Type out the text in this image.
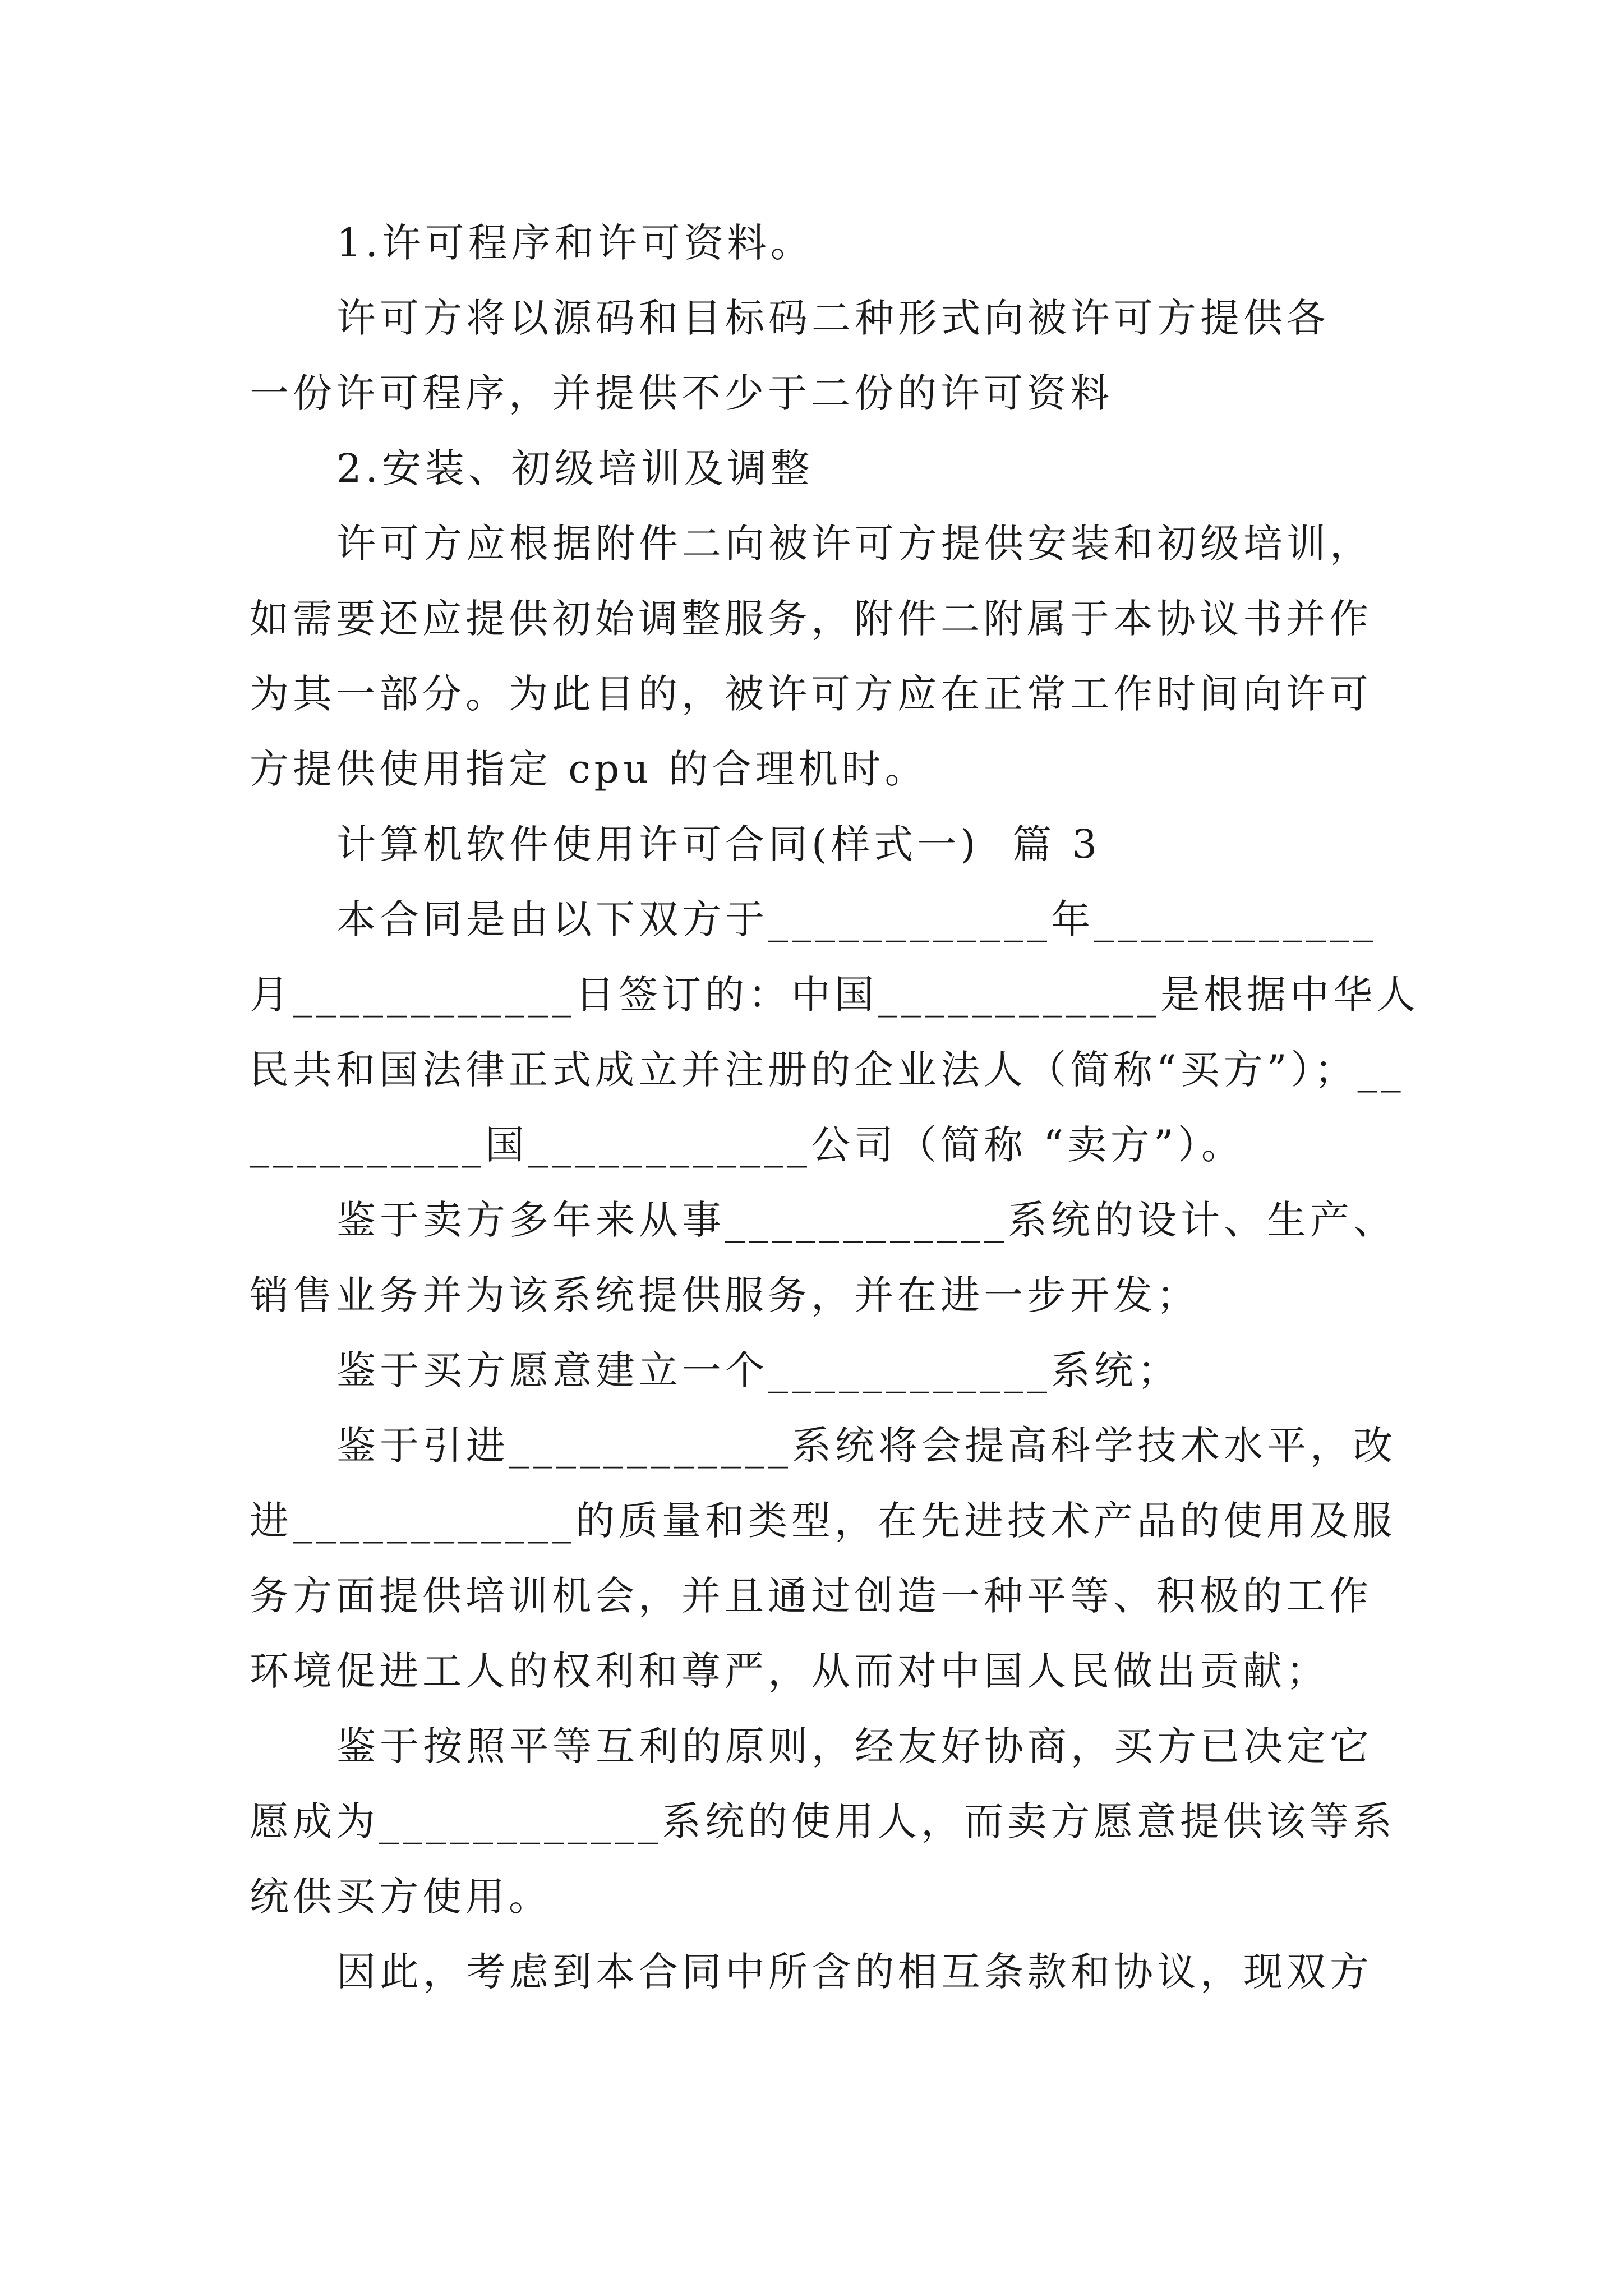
1.许可程序和许可资料。
许可方将以源码和目标码二种形式向被许可方提供各
一份许可程序，并提供不少于二份的许可资料
2.安装、初级培训及调整
许可方应根据附件二向被许可方提供安装和初级培训，
如需要还应提供初始调整服务，附件二附属于本协议书并作
为其一部分。为此目的，被许可方应在正常工作时间向许可
方提供使用指定 cpu 的合理机时。
计算机软件使用许可合同(样式一)  篇 3
本合同是由以下双方于____________年____________
月____________日签订的：中国____________是根据中华人
民共和国法律正式成立并注册的企业法人（简称“买方”）；__
__________国____________公司（简称 “卖方”）。
鉴于卖方多年来从事____________系统的设计、生产、
销售业务并为该系统提供服务，并在进一步开发；
鉴于买方愿意建立一个____________系统；
鉴于引进____________系统将会提高科学技术水平，改
进____________的质量和类型，在先进技术产品的使用及服
务方面提供培训机会，并且通过创造一种平等、积极的工作
环境促进工人的权利和尊严，从而对中国人民做出贡献；
鉴于按照平等互利的原则，经友好协商，买方已决定它
愿成为____________系统的使用人，而卖方愿意提供该等系
统供买方使用。
因此，考虑到本合同中所含的相互条款和协议，现双方
